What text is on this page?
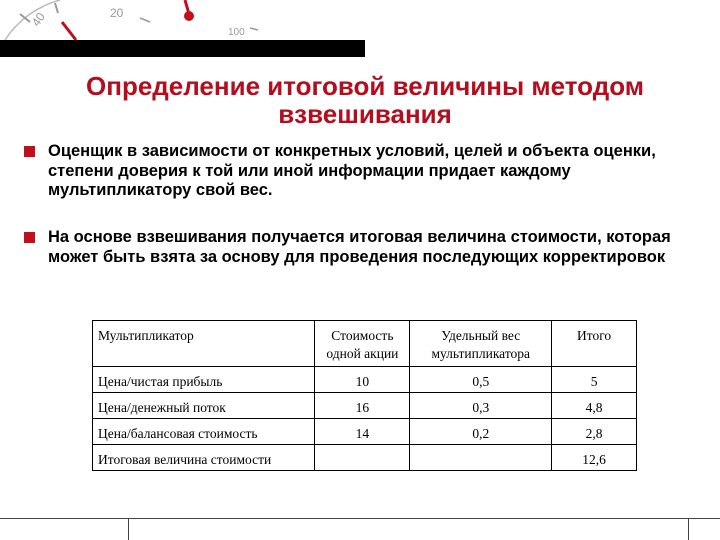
20
100
40
Определение итоговой величины методом взвешивания

Оценщик в зависимости от конкретных условий, целей и объекта оценки, степени доверия к той или иной информации придает каждому мультипликатору свой вес.

На основе взвешивания получается итоговая величина стоимости, которая может быть взята за основу для проведения последующих корректировок

Мультипликатор	Стоимость одной акции	Удельный вес мультипликатора	Итого
Цена/чистая прибыль	10	0,5	5
Цена/денежный поток	16	0,3	4,8
Цена/балансовая стоимость	14	0,2	2,8
Итоговая величина стоимости			12,6
